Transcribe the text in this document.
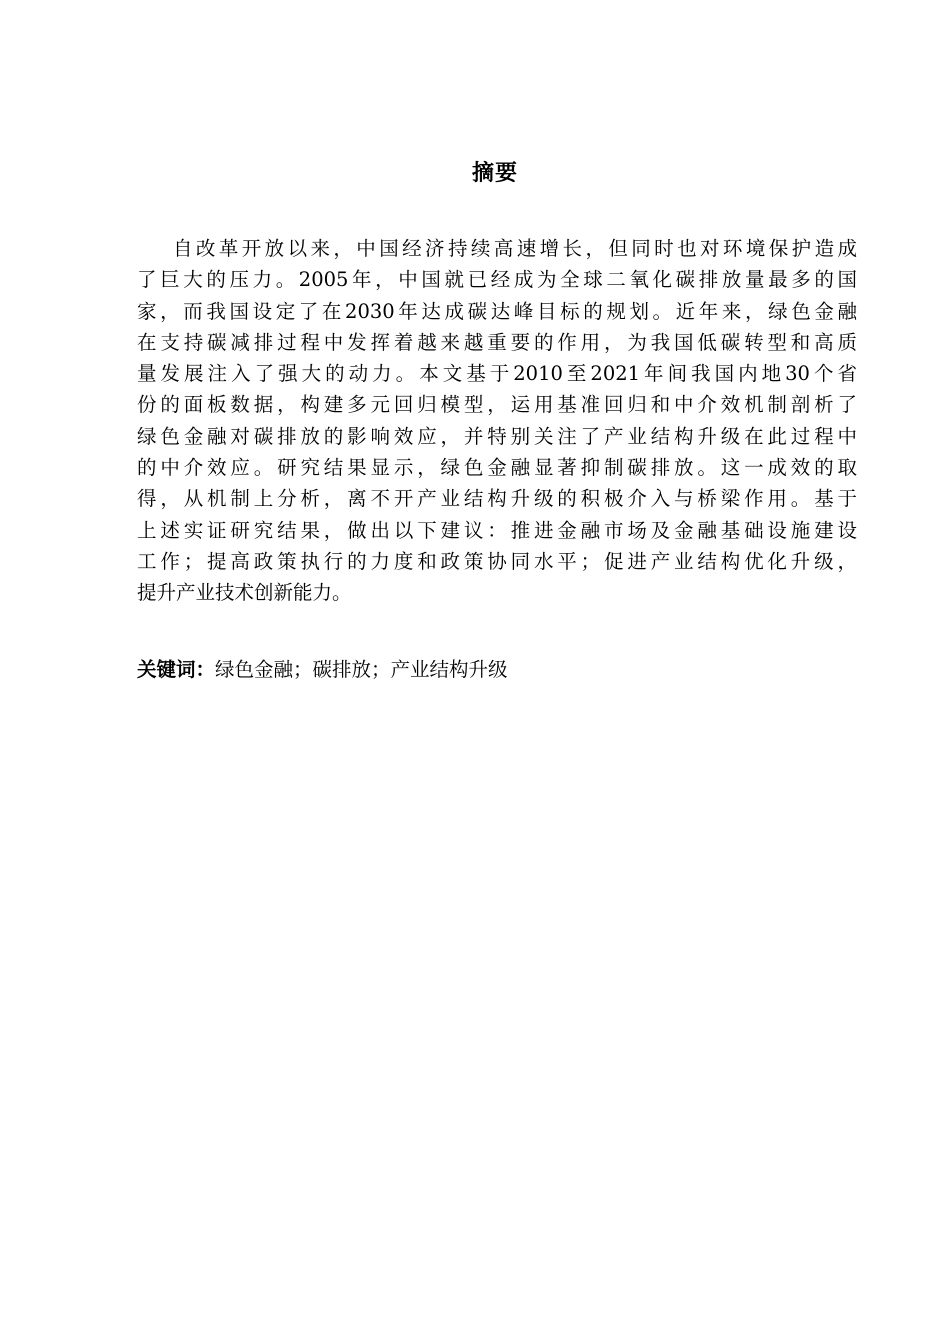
摘要
自改革开放以来，中国经济持续高速增长，但同时也对环境保护造成
了巨大的压力。2005年，中国就已经成为全球二氧化碳排放量最多的国
家，而我国设定了在2030年达成碳达峰目标的规划。近年来，绿色金融
在支持碳减排过程中发挥着越来越重要的作用，为我国低碳转型和高质
量发展注入了强大的动力。本文基于2010至2021年间我国内地30个省
份的面板数据，构建多元回归模型，运用基准回归和中介效机制剖析了
绿色金融对碳排放的影响效应，并特别关注了产业结构升级在此过程中
的中介效应。研究结果显示，绿色金融显著抑制碳排放。这一成效的取
得，从机制上分析，离不开产业结构升级的积极介入与桥梁作用。基于
上述实证研究结果，做出以下建议：推进金融市场及金融基础设施建设
工作；提高政策执行的力度和政策协同水平；促进产业结构优化升级，
提升产业技术创新能力。
关键词：绿色金融；碳排放；产业结构升级
